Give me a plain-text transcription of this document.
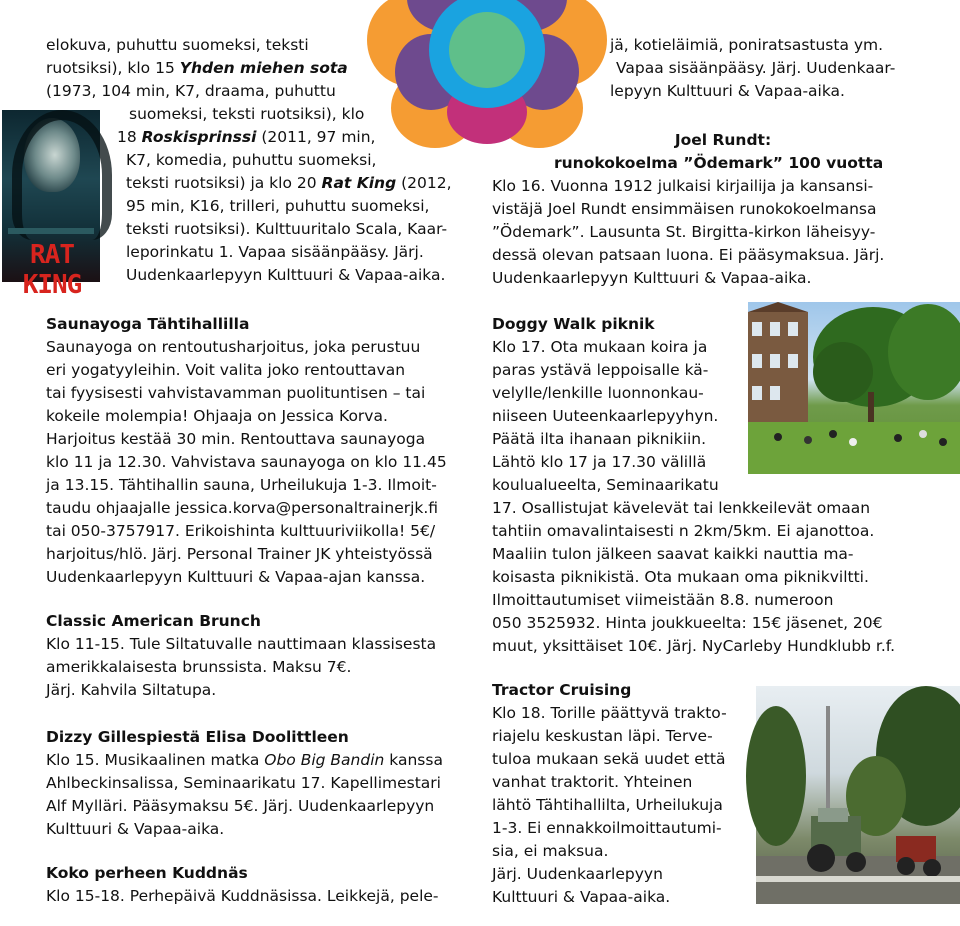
RAT KING
elokuva, puhuttu suomeksi, teksti
ruotsiksi), klo 15 Yhden miehen sota
(1973, 104 min, K7, draama, puhuttu
suomeksi, teksti ruotsiksi), klo
18 Roskisprinssi (2011, 97 min,
K7, komedia, puhuttu suomeksi,
teksti ruotsiksi) ja klo 20 Rat King (2012,
95 min, K16, trilleri, puhuttu suomeksi,
teksti ruotsiksi). Kulttuuritalo Scala, Kaar-
leporinkatu 1. Vapaa sisäänpääsy. Järj.
Uudenkaarlepyyn Kulttuuri & Vapaa-aika.
Saunayoga Tähtihallilla
Saunayoga on rentoutusharjoitus, joka perustuu
eri yogatyyleihin. Voit valita joko rentouttavan
tai fyysisesti vahvistavamman puolituntisen – tai
kokeile molempia! Ohjaaja on Jessica Korva.
Harjoitus kestää 30 min. Rentouttava saunayoga
klo 11 ja 12.30. Vahvistava saunayoga on klo 11.45
ja 13.15. Tähtihallin sauna, Urheilukuja 1-3. Ilmoit-
taudu ohjaajalle jessica.korva@personaltrainerjk.fi
tai 050-3757917. Erikoishinta kulttuuriviikolla! 5€/
harjoitus/hlö. Järj. Personal Trainer JK yhteistyössä
Uudenkaarlepyyn Kulttuuri & Vapaa-ajan kanssa.
Classic American Brunch
Klo 11-15. Tule Siltatuvalle nauttimaan klassisesta
amerikkalaisesta brunssista. Maksu 7€.
Järj. Kahvila Siltatupa.
Dizzy Gillespiestä Elisa Doolittleen
Klo 15. Musikaalinen matka Obo Big Bandin kanssa
Ahlbeckinsalissa, Seminaarikatu 17. Kapellimestari
Alf Mylläri. Pääsymaksu 5€. Järj. Uudenkaarlepyyn
Kulttuuri & Vapaa-aika.
Koko perheen Kuddnäs
Klo 15-18. Perhepäivä Kuddnäsissa. Leikkejä, pele-
jä, kotieläimiä, poniratsastusta ym.
Vapaa sisäänpääsy. Järj. Uudenkaar-
lepyyn Kulttuuri & Vapaa-aika.
Joel Rundt:
runokokoelma ”Ödemark” 100 vuotta
Klo 16. Vuonna 1912 julkaisi kirjailija ja kansansi-
vistäjä Joel Rundt ensimmäisen runokokoelmansa
”Ödemark”. Lausunta St. Birgitta-kirkon läheisyy-
dessä olevan patsaan luona. Ei pääsymaksua. Järj.
Uudenkaarlepyyn Kulttuuri & Vapaa-aika.
Doggy Walk piknik
Klo 17. Ota mukaan koira ja
paras ystävä leppoisalle kä-
velylle/lenkille luonnonkau-
niiseen Uuteenkaarlepyyhyn.
Päätä ilta ihanaan piknikiin.
Lähtö klo 17 ja 17.30 välillä
koulualueelta, Seminaarikatu
17. Osallistujat kävelevät tai lenkkeilevät omaan
tahtiin omavalintaisesti n 2km/5km. Ei ajanottoa.
Maaliin tulon jälkeen saavat kaikki nauttia ma-
koisasta piknikistä. Ota mukaan oma piknikviltti.
Ilmoittautumiset viimeistään 8.8. numeroon
050 3525932. Hinta joukkueelta: 15€ jäsenet, 20€
muut, yksittäiset 10€. Järj. NyCarleby Hundklubb r.f.
Tractor Cruising
Klo 18. Torille päättyvä trakto-
riajelu keskustan läpi. Terve-
tuloa mukaan sekä uudet että
vanhat traktorit. Yhteinen
lähtö Tähtihallilta, Urheilukuja
1-3. Ei ennakkoilmoittautumi-
sia, ei maksua.
Järj. Uudenkaarlepyyn
Kulttuuri & Vapaa-aika.
